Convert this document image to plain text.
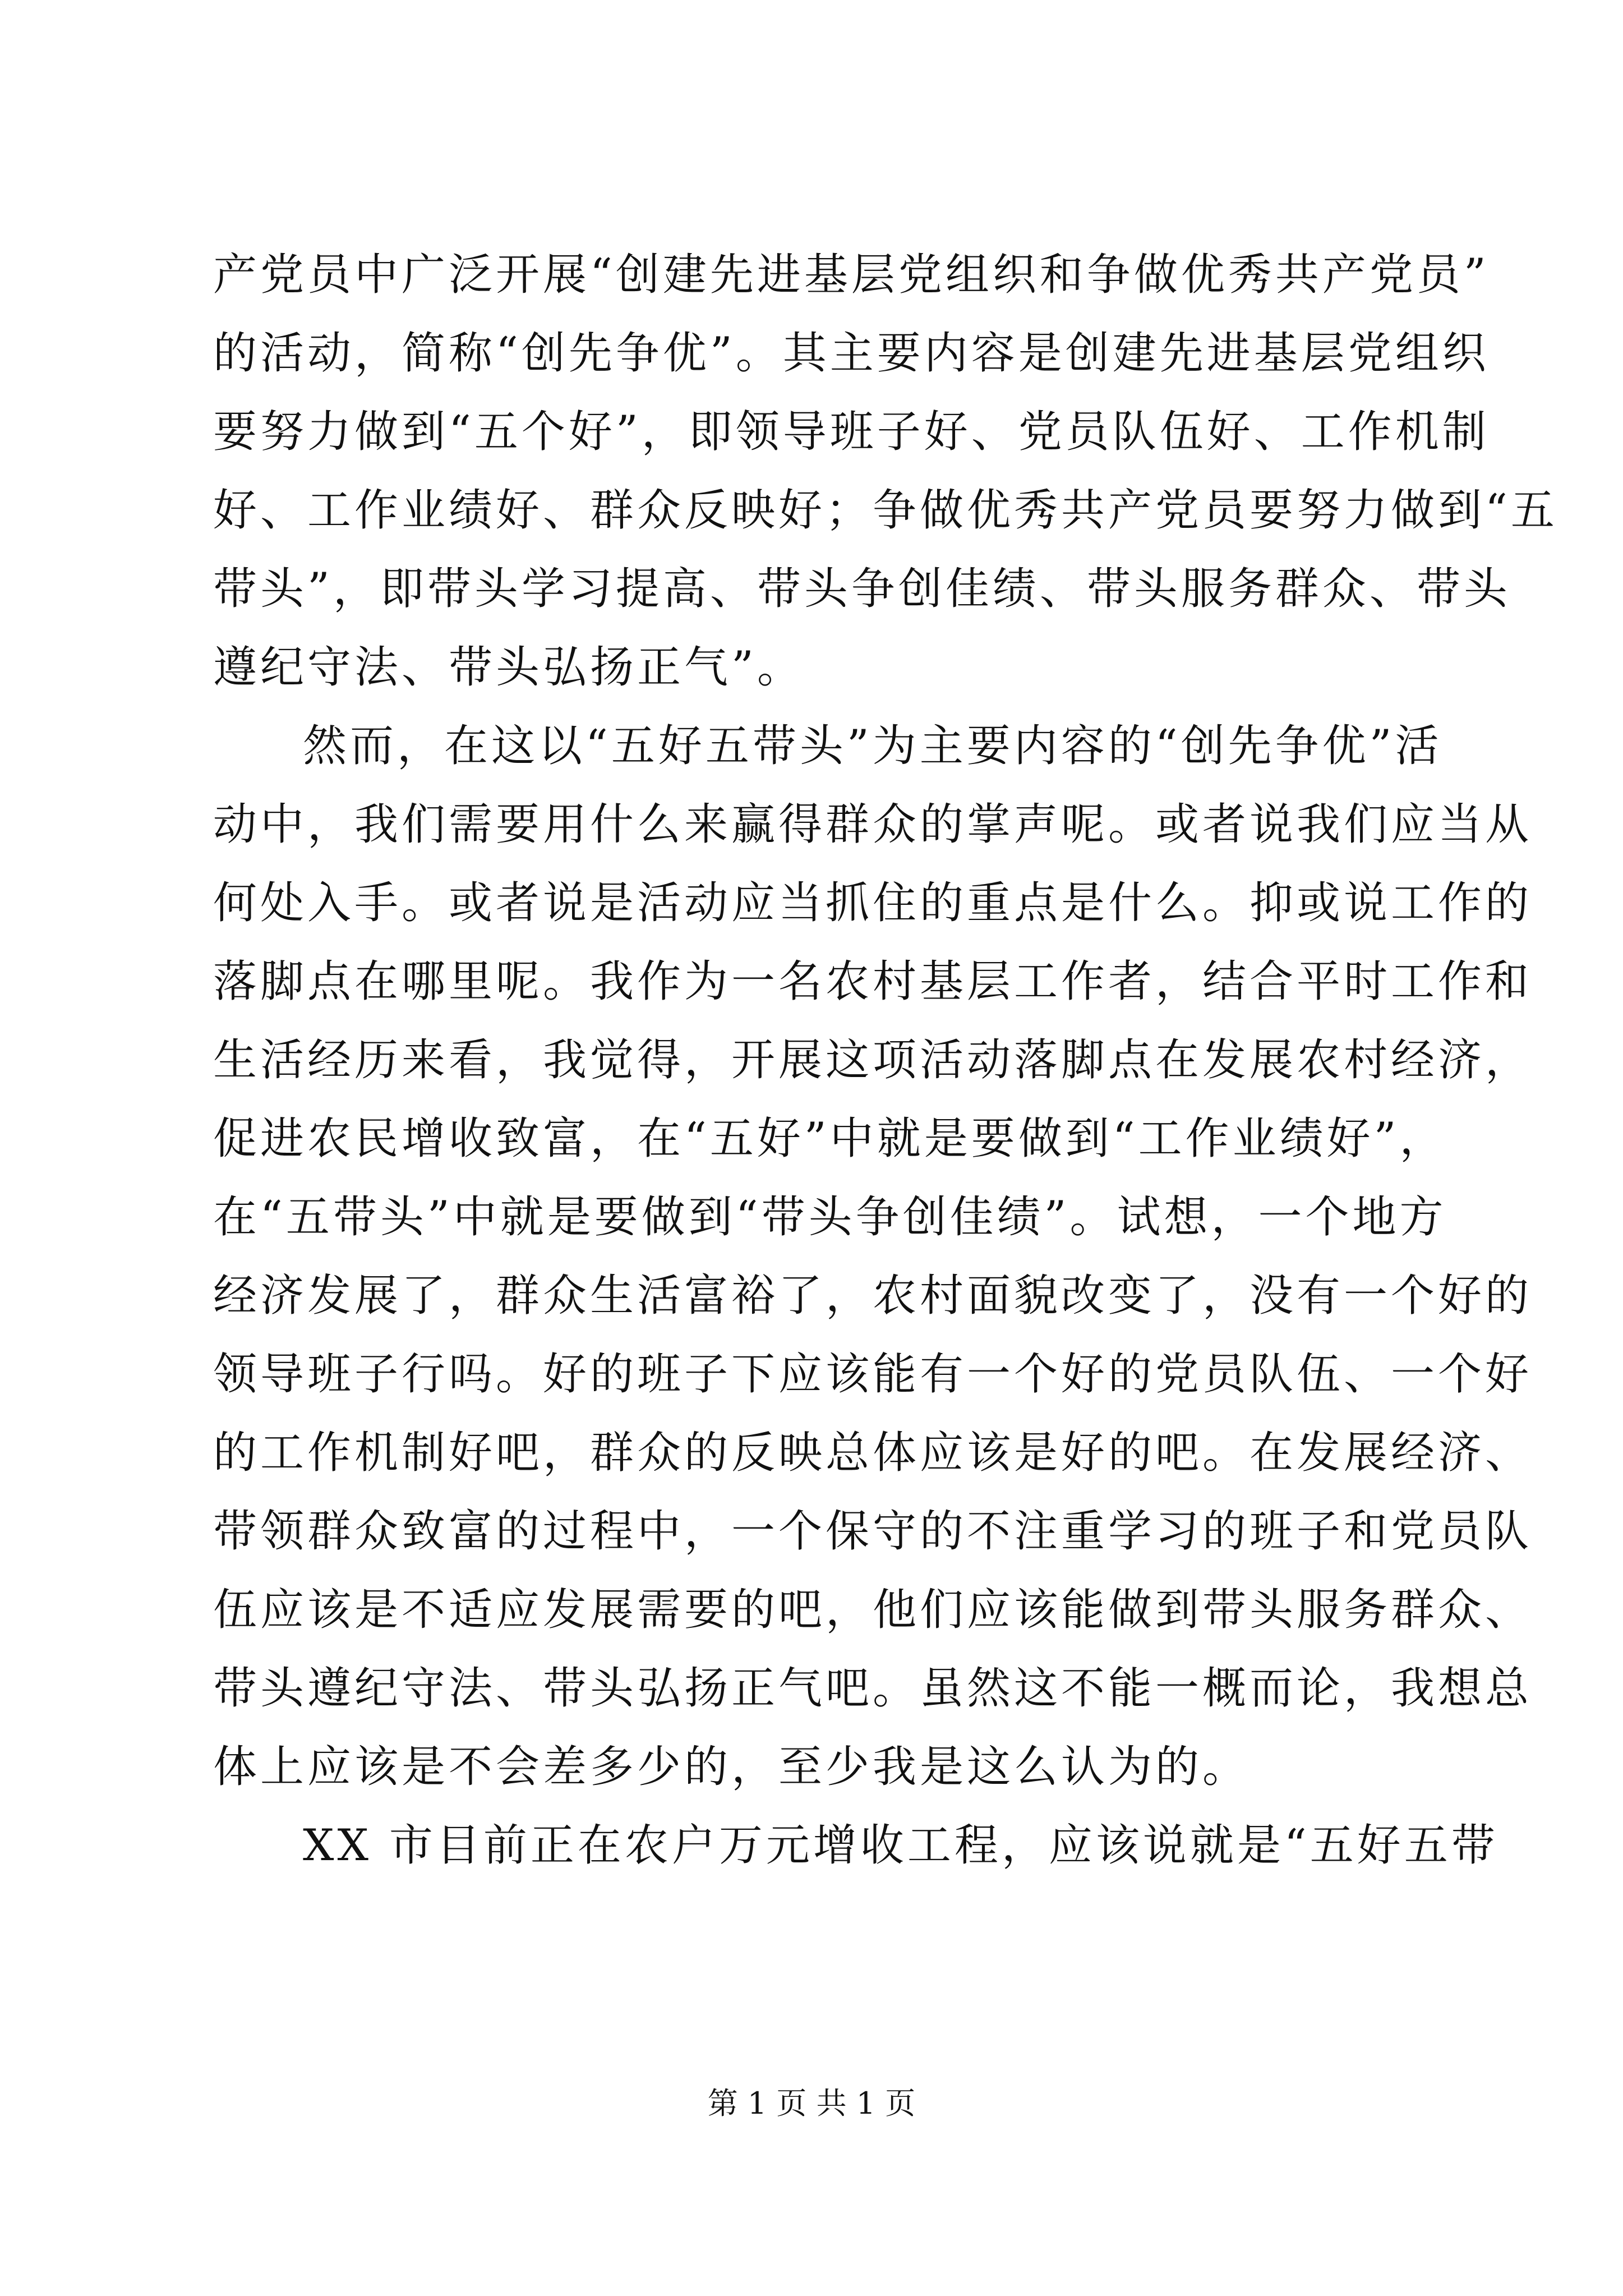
产党员中广泛开展“创建先进基层党组织和争做优秀共产党员”
的活动，简称“创先争优”。其主要内容是创建先进基层党组织
要努力做到“五个好”，即领导班子好、党员队伍好、工作机制
好、工作业绩好、群众反映好；争做优秀共产党员要努力做到“五
带头”，即带头学习提高、带头争创佳绩、带头服务群众、带头
遵纪守法、带头弘扬正气”。
然而，在这以“五好五带头”为主要内容的“创先争优”活
动中，我们需要用什么来赢得群众的掌声呢。或者说我们应当从
何处入手。或者说是活动应当抓住的重点是什么。抑或说工作的
落脚点在哪里呢。我作为一名农村基层工作者，结合平时工作和
生活经历来看，我觉得，开展这项活动落脚点在发展农村经济，
促进农民增收致富，在“五好”中就是要做到“工作业绩好”，
在“五带头”中就是要做到“带头争创佳绩”。试想，一个地方
经济发展了，群众生活富裕了，农村面貌改变了，没有一个好的
领导班子行吗。好的班子下应该能有一个好的党员队伍、一个好
的工作机制好吧，群众的反映总体应该是好的吧。在发展经济、
带领群众致富的过程中，一个保守的不注重学习的班子和党员队
伍应该是不适应发展需要的吧，他们应该能做到带头服务群众、
带头遵纪守法、带头弘扬正气吧。虽然这不能一概而论，我想总
体上应该是不会差多少的，至少我是这么认为的。
XX 市目前正在农户万元增收工程，应该说就是“五好五带
第 1 页 共 1 页
